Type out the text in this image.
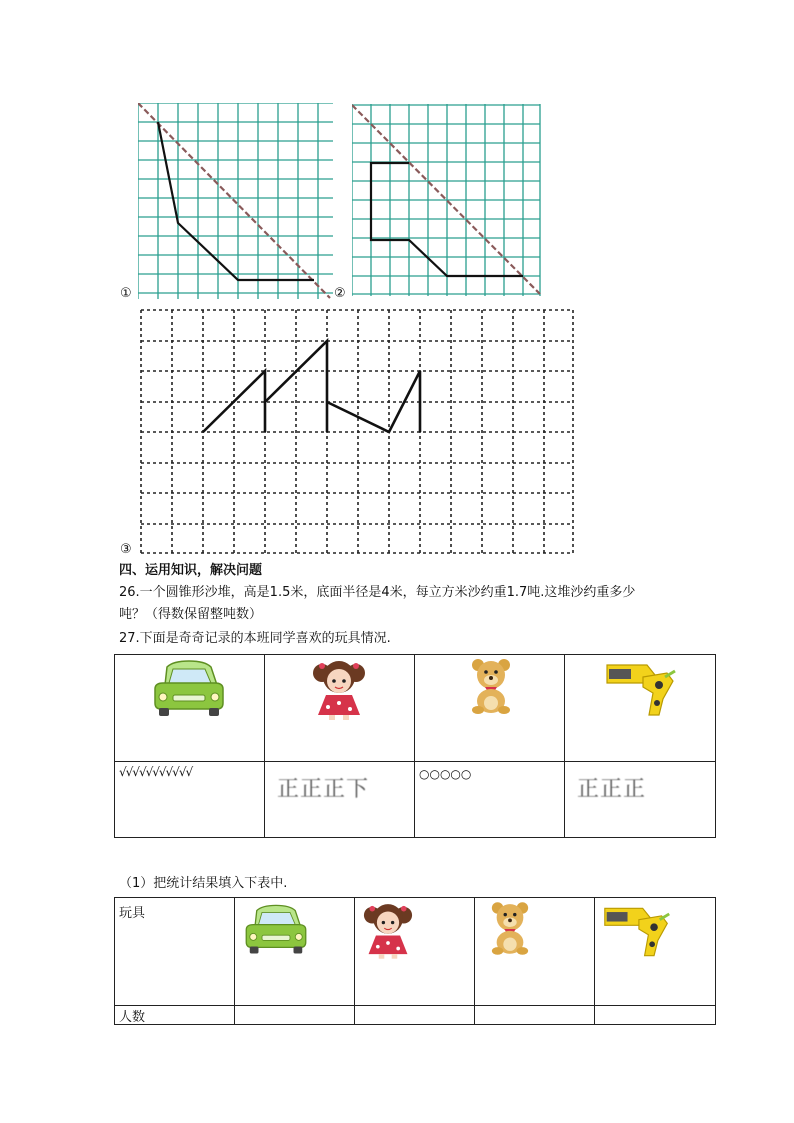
①	②
③
四、运用知识，解决问题
26.一个圆锥形沙堆，高是1.5米，底面半径是4米，每立方米沙约重1.7吨.这堆沙约重多少
吨？（得数保留整吨数）
27.下面是奇奇记录的本班同学喜欢的玩具情况.

√√√√√√√√√√√	正正正下	○○○○○	正正正
（1）把统计结果填入下表中.
玩具

人数				
